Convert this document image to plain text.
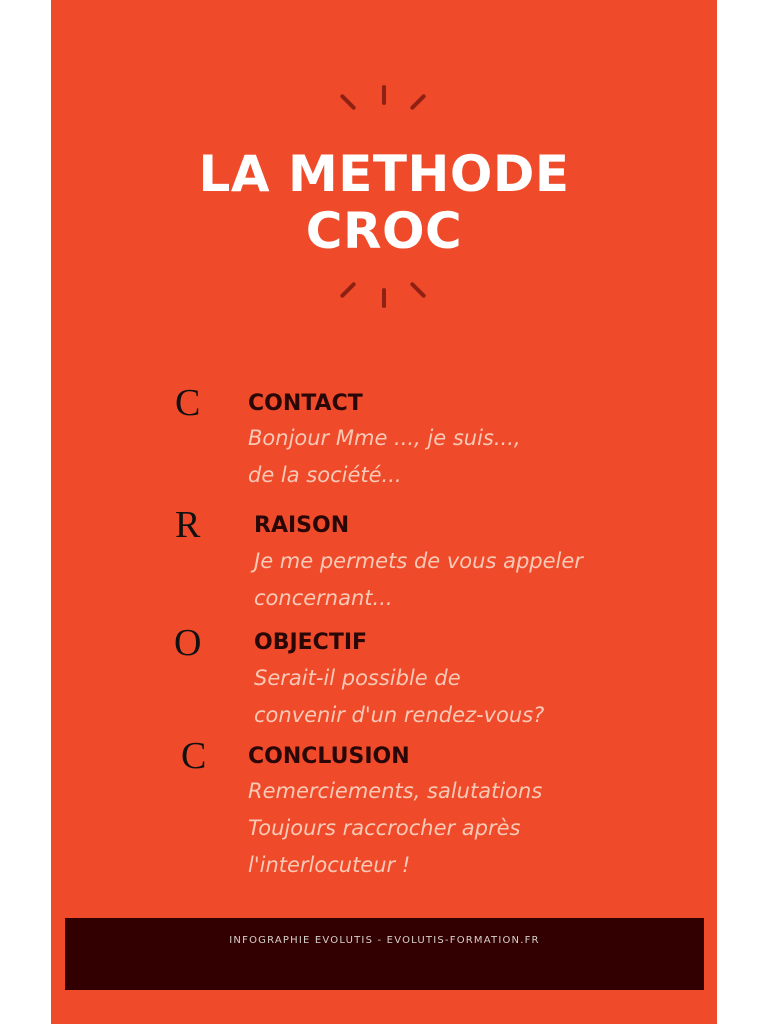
LA METHODE
CROC
C CONTACT
Bonjour Mme ..., je suis...,
de la société...
R RAISON
Je me permets de vous appeler
concernant...
O OBJECTIF
Serait-il possible de
convenir d'un rendez-vous?
C CONCLUSION
Remerciements, salutations
Toujours raccrocher après
l'interlocuteur !
INFOGRAPHIE EVOLUTIS - EVOLUTIS-FORMATION.FR
